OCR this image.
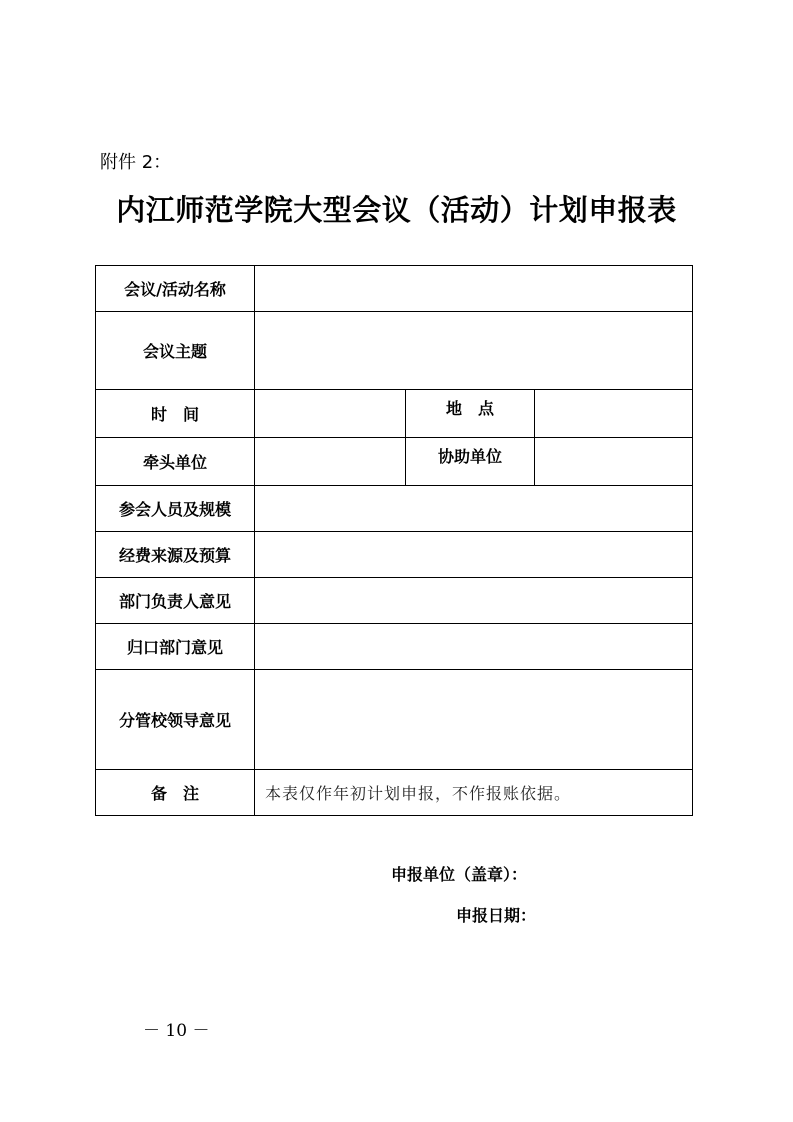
附件 2：
内江师范学院大型会议（活动）计划申报表
会议/活动名称			
会议主题			
时　间		地　点	
牵头单位		协助单位	
参会人员及规模			
经费来源及预算			
部门负责人意见			
归口部门意见			
分管校领导意见			
备　注	本表仅作年初计划申报，不作报账依据。		
申报单位（盖章）：
申报日期：
－ 10 －
